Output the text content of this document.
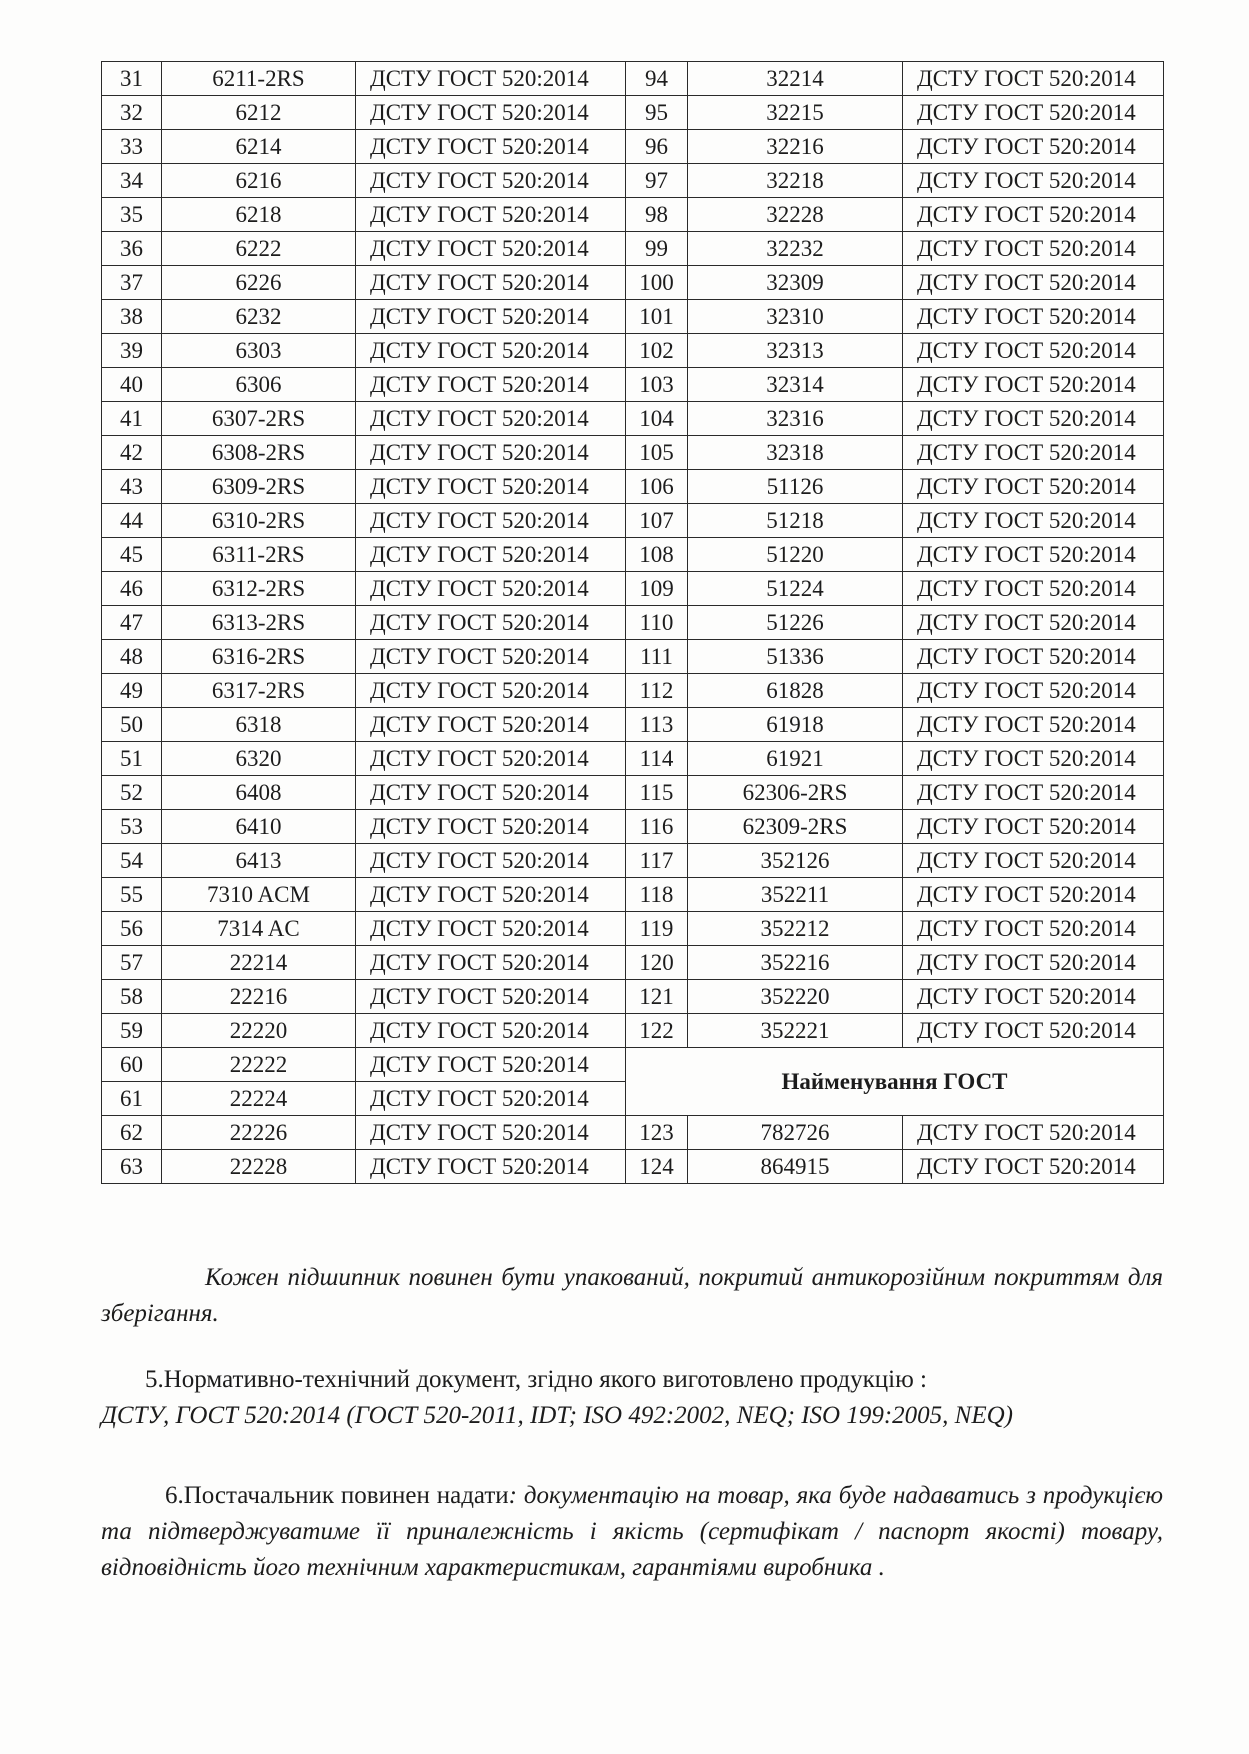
31	6211-2RS	ДСТУ ГОСТ 520:2014	94	32214	ДСТУ ГОСТ 520:2014
32	6212	ДСТУ ГОСТ 520:2014	95	32215	ДСТУ ГОСТ 520:2014
33	6214	ДСТУ ГОСТ 520:2014	96	32216	ДСТУ ГОСТ 520:2014
34	6216	ДСТУ ГОСТ 520:2014	97	32218	ДСТУ ГОСТ 520:2014
35	6218	ДСТУ ГОСТ 520:2014	98	32228	ДСТУ ГОСТ 520:2014
36	6222	ДСТУ ГОСТ 520:2014	99	32232	ДСТУ ГОСТ 520:2014
37	6226	ДСТУ ГОСТ 520:2014	100	32309	ДСТУ ГОСТ 520:2014
38	6232	ДСТУ ГОСТ 520:2014	101	32310	ДСТУ ГОСТ 520:2014
39	6303	ДСТУ ГОСТ 520:2014	102	32313	ДСТУ ГОСТ 520:2014
40	6306	ДСТУ ГОСТ 520:2014	103	32314	ДСТУ ГОСТ 520:2014
41	6307-2RS	ДСТУ ГОСТ 520:2014	104	32316	ДСТУ ГОСТ 520:2014
42	6308-2RS	ДСТУ ГОСТ 520:2014	105	32318	ДСТУ ГОСТ 520:2014
43	6309-2RS	ДСТУ ГОСТ 520:2014	106	51126	ДСТУ ГОСТ 520:2014
44	6310-2RS	ДСТУ ГОСТ 520:2014	107	51218	ДСТУ ГОСТ 520:2014
45	6311-2RS	ДСТУ ГОСТ 520:2014	108	51220	ДСТУ ГОСТ 520:2014
46	6312-2RS	ДСТУ ГОСТ 520:2014	109	51224	ДСТУ ГОСТ 520:2014
47	6313-2RS	ДСТУ ГОСТ 520:2014	110	51226	ДСТУ ГОСТ 520:2014
48	6316-2RS	ДСТУ ГОСТ 520:2014	111	51336	ДСТУ ГОСТ 520:2014
49	6317-2RS	ДСТУ ГОСТ 520:2014	112	61828	ДСТУ ГОСТ 520:2014
50	6318	ДСТУ ГОСТ 520:2014	113	61918	ДСТУ ГОСТ 520:2014
51	6320	ДСТУ ГОСТ 520:2014	114	61921	ДСТУ ГОСТ 520:2014
52	6408	ДСТУ ГОСТ 520:2014	115	62306-2RS	ДСТУ ГОСТ 520:2014
53	6410	ДСТУ ГОСТ 520:2014	116	62309-2RS	ДСТУ ГОСТ 520:2014
54	6413	ДСТУ ГОСТ 520:2014	117	352126	ДСТУ ГОСТ 520:2014
55	7310 ACM	ДСТУ ГОСТ 520:2014	118	352211	ДСТУ ГОСТ 520:2014
56	7314 AC	ДСТУ ГОСТ 520:2014	119	352212	ДСТУ ГОСТ 520:2014
57	22214	ДСТУ ГОСТ 520:2014	120	352216	ДСТУ ГОСТ 520:2014
58	22216	ДСТУ ГОСТ 520:2014	121	352220	ДСТУ ГОСТ 520:2014
59	22220	ДСТУ ГОСТ 520:2014	122	352221	ДСТУ ГОСТ 520:2014
60	22222	ДСТУ ГОСТ 520:2014	Найменування ГОСТ		
61	22224	ДСТУ ГОСТ 520:2014			
62	22226	ДСТУ ГОСТ 520:2014	123	782726	ДСТУ ГОСТ 520:2014
63	22228	ДСТУ ГОСТ 520:2014	124	864915	ДСТУ ГОСТ 520:2014
Кожен підшипник повинен бути упакований, покритий антикорозійним покриттям для зберігання.
5.Нормативно-технічний документ, згідно якого виготовлено продукцію :
ДСТУ, ГОСТ 520:2014 (ГОСТ 520-2011, IDT; ISO 492:2002, NEQ; ISO 199:2005, NEQ)
6.Постачальник повинен надати: документацію на товар, яка буде надаватись з продукцією та підтверджуватиме її приналежність і якість (сертифікат / паспорт якості) товару, відповідність його технічним характеристикам, гарантіями виробника .
